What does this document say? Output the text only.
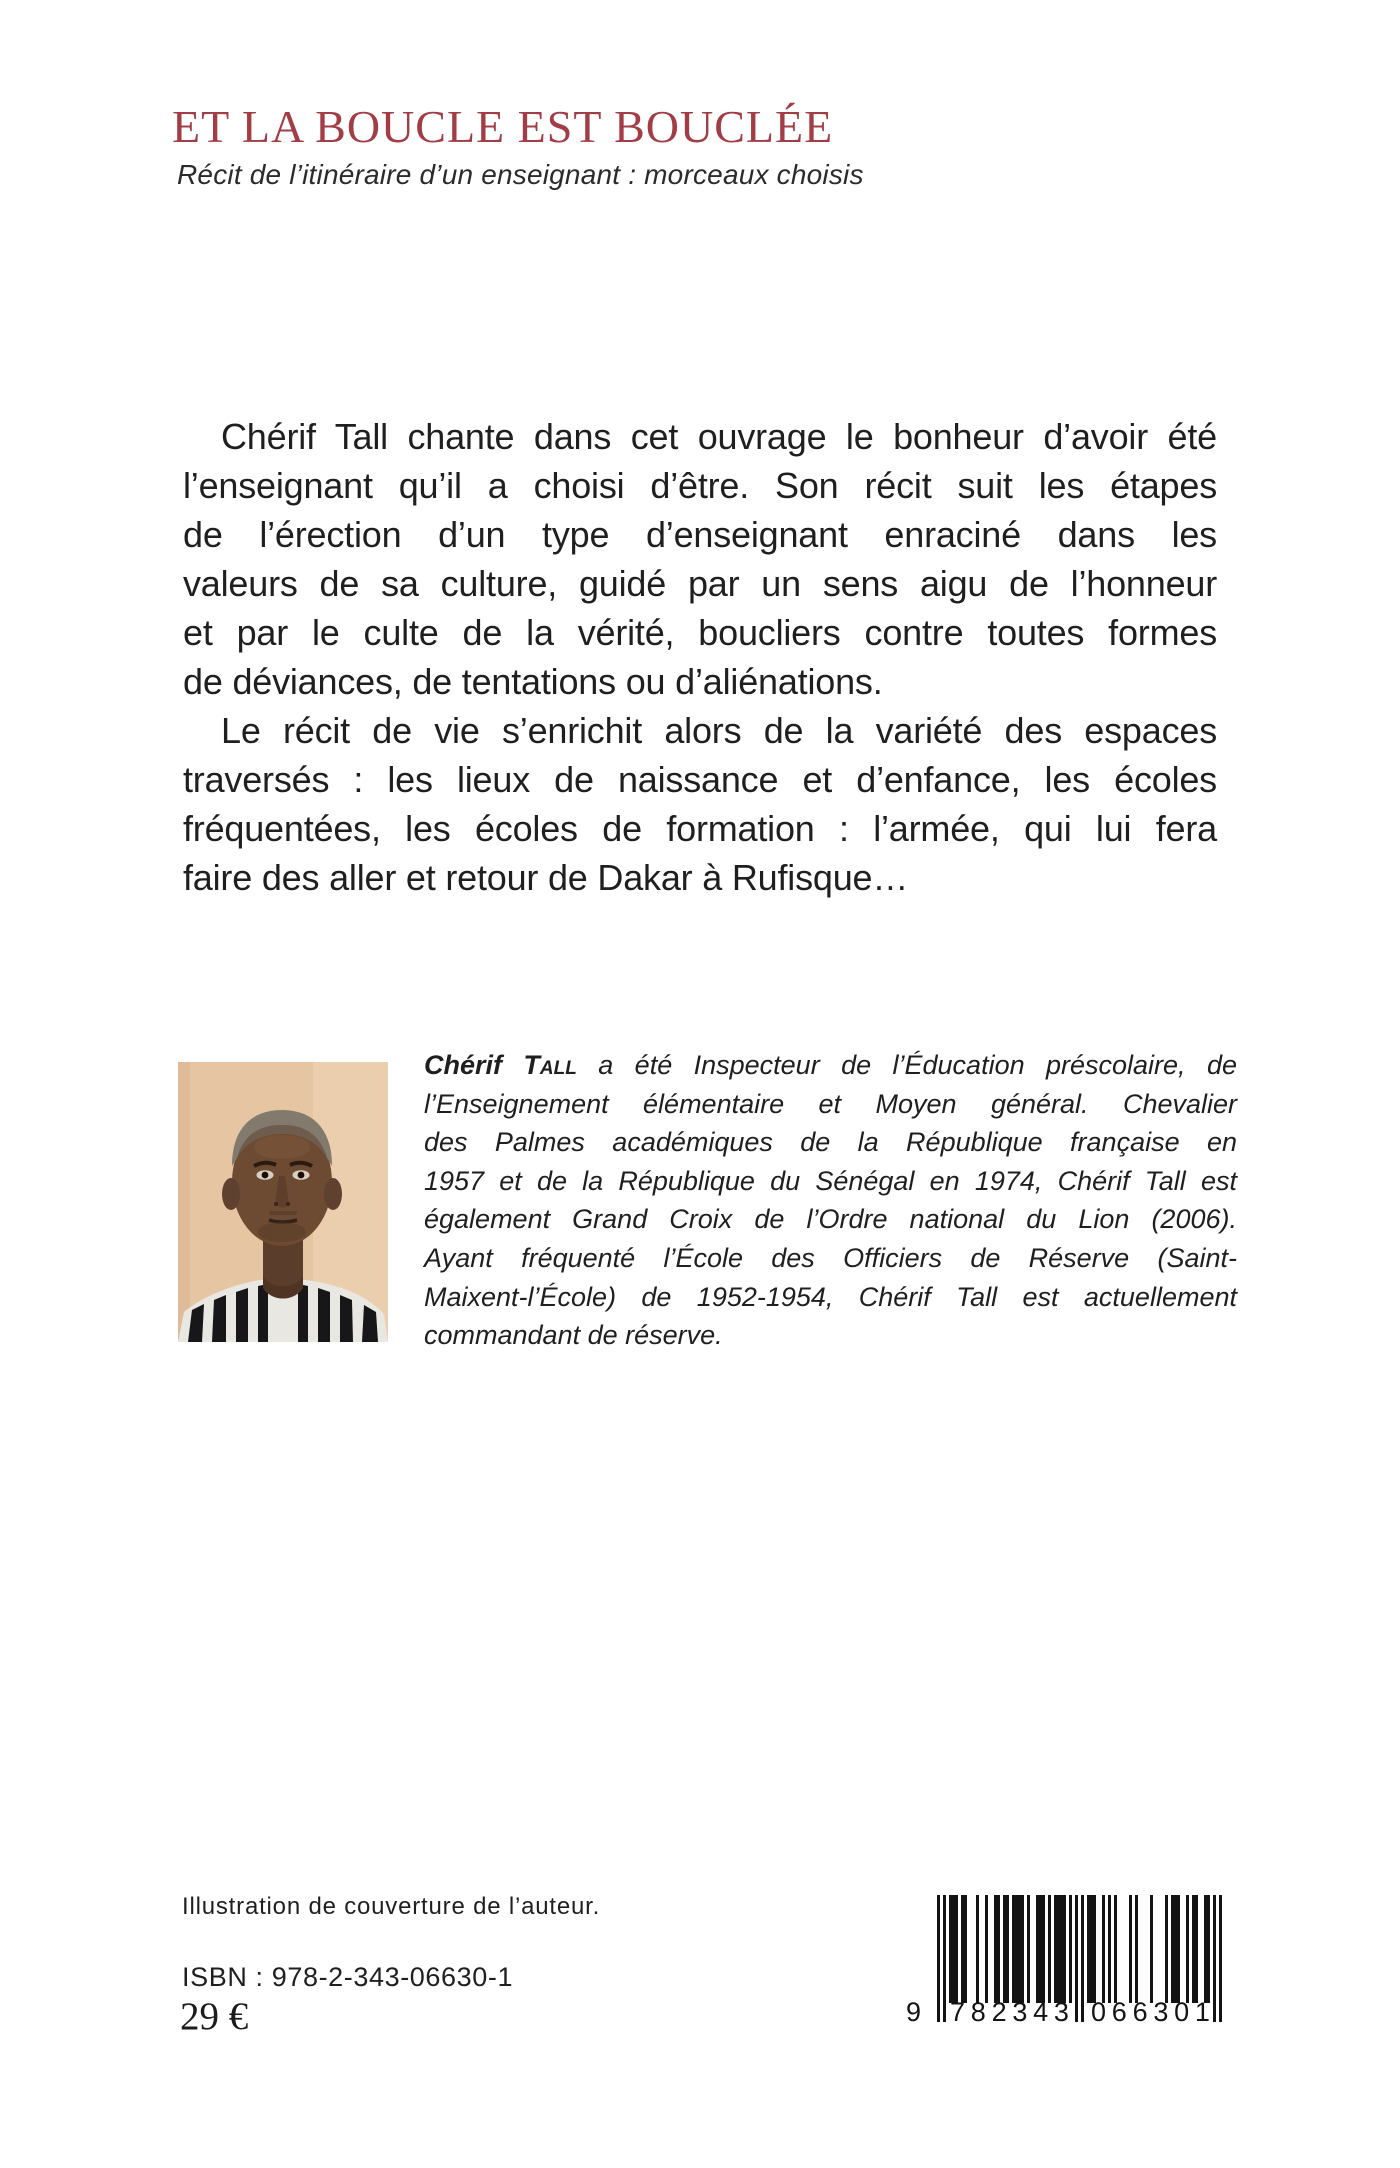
ET LA BOUCLE EST BOUCLÉE
Récit de l’itinéraire d’un enseignant : morceaux choisis
Chérif Tall chante dans cet ouvrage le bonheur d’avoir été
l’enseignant qu’il a choisi d’être. Son récit suit les étapes
de l’érection d’un type d’enseignant enraciné dans les
valeurs de sa culture, guidé par un sens aigu de l’honneur
et par le culte de la vérité, boucliers contre toutes formes
de déviances, de tentations ou d’aliénations.
Le récit de vie s’enrichit alors de la variété des espaces
traversés : les lieux de naissance et d’enfance, les écoles
fréquentées, les écoles de formation : l’armée, qui lui fera
faire des aller et retour de Dakar à Rufisque…
Chérif Tall a été Inspecteur de l’Éducation préscolaire, de
l’Enseignement élémentaire et Moyen général. Chevalier
des Palmes académiques de la République française en
1957 et de la République du Sénégal en 1974, Chérif Tall est
également Grand Croix de l’Ordre national du Lion (2006).
Ayant fréquenté l’École des Officiers de Réserve (Saint-
Maixent-l’École) de 1952-1954, Chérif Tall est actuellement
commandant de réserve.
Illustration de couverture de l’auteur.
ISBN : 978-2-343-06630-1
29 €	9 7 8 2 3 4 3 0 6 6 3 0 1
